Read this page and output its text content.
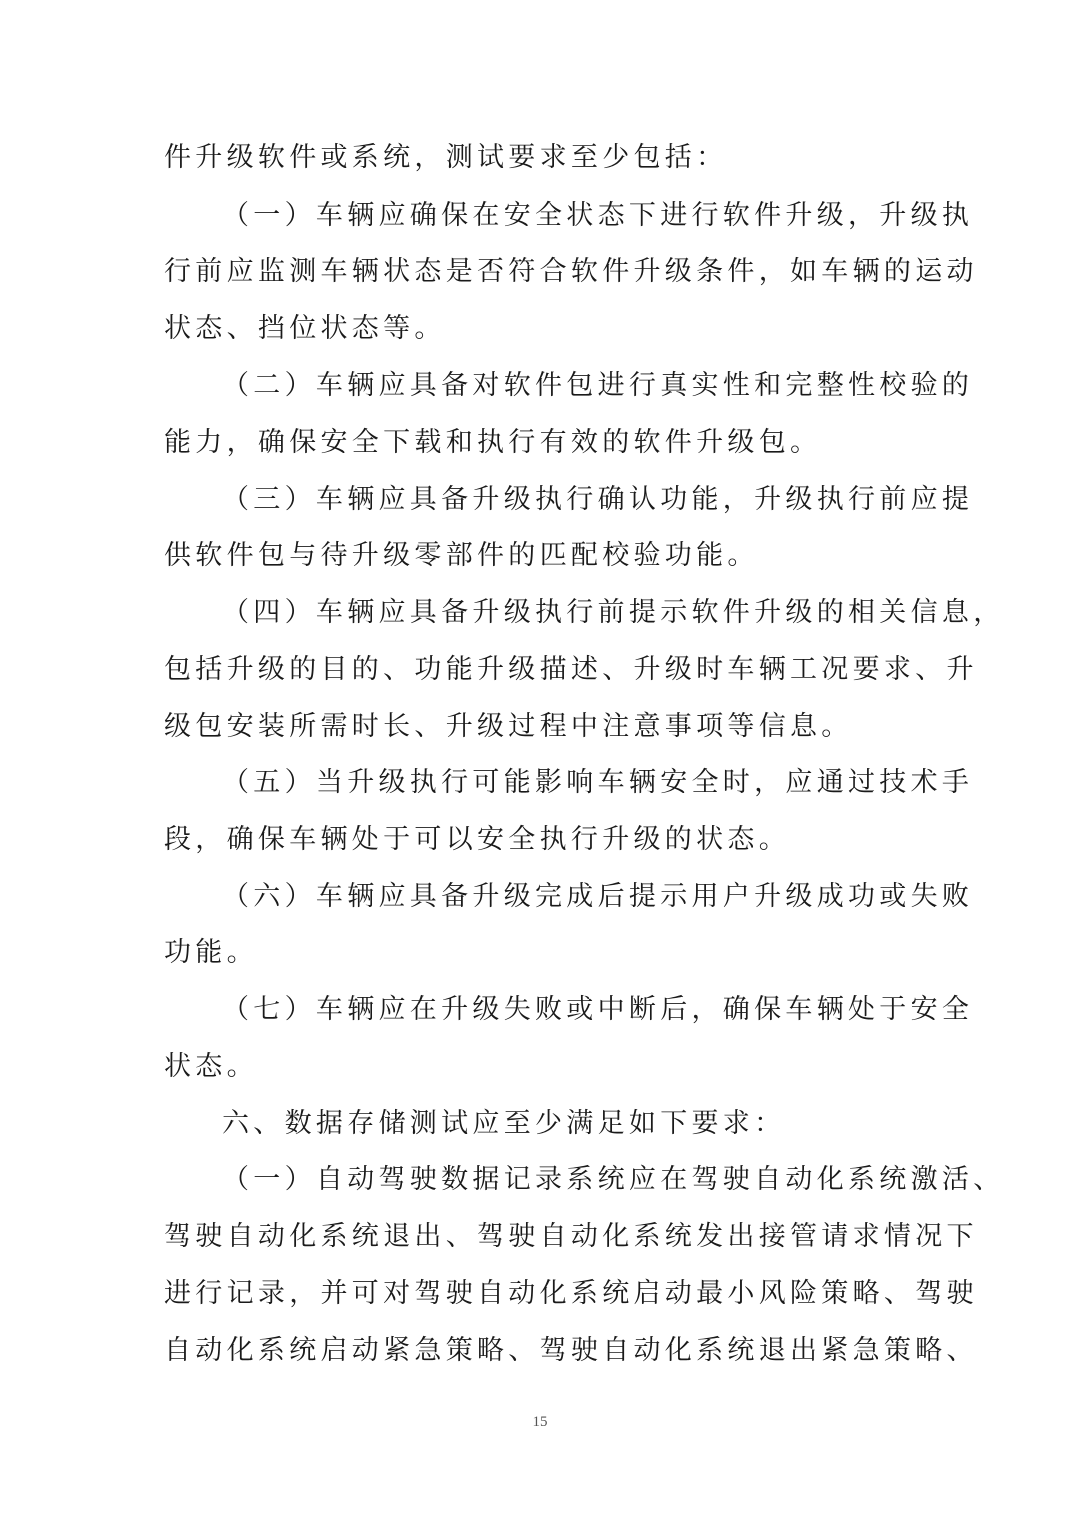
件升级软件或系统，测试要求至少包括：
（一）车辆应确保在安全状态下进行软件升级，升级执
行前应监测车辆状态是否符合软件升级条件，如车辆的运动
状态、挡位状态等。
（二）车辆应具备对软件包进行真实性和完整性校验的
能力，确保安全下载和执行有效的软件升级包。
（三）车辆应具备升级执行确认功能，升级执行前应提
供软件包与待升级零部件的匹配校验功能。
（四）车辆应具备升级执行前提示软件升级的相关信息，
包括升级的目的、功能升级描述、升级时车辆工况要求、升
级包安装所需时长、升级过程中注意事项等信息。
（五）当升级执行可能影响车辆安全时，应通过技术手
段，确保车辆处于可以安全执行升级的状态。
（六）车辆应具备升级完成后提示用户升级成功或失败
功能。
（七）车辆应在升级失败或中断后，确保车辆处于安全
状态。
六、数据存储测试应至少满足如下要求：
（一）自动驾驶数据记录系统应在驾驶自动化系统激活、
驾驶自动化系统退出、驾驶自动化系统发出接管请求情况下
进行记录，并可对驾驶自动化系统启动最小风险策略、驾驶
自动化系统启动紧急策略、驾驶自动化系统退出紧急策略、
15
